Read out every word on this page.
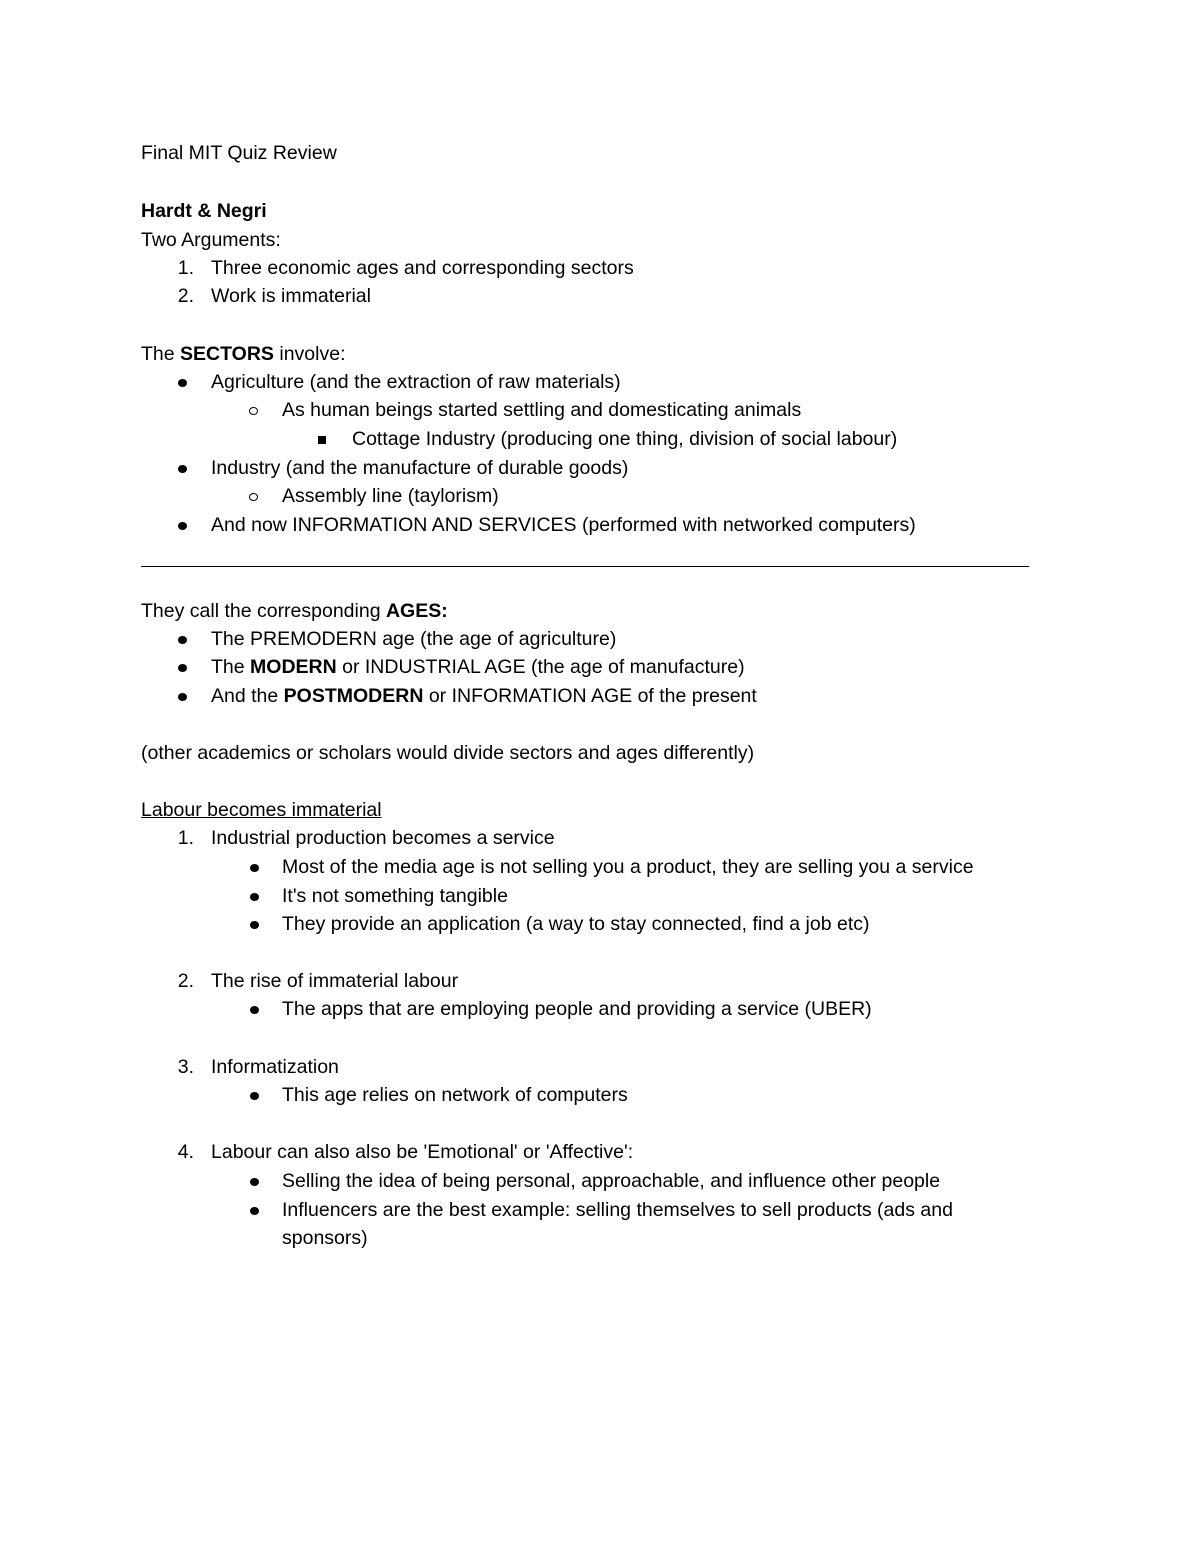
Final MIT Quiz Review
Hardt & Negri
Two Arguments:
1. Three economic ages and corresponding sectors
2. Work is immaterial
The SECTORS involve:
Agriculture (and the extraction of raw materials)
As human beings started settling and domesticating animals
Cottage Industry (producing one thing, division of social labour)
Industry (and the manufacture of durable goods)
Assembly line (taylorism)
And now INFORMATION AND SERVICES (performed with networked computers)
They call the corresponding AGES:
The PREMODERN age (the age of agriculture)
The MODERN or INDUSTRIAL AGE (the age of manufacture)
And the POSTMODERN or INFORMATION AGE of the present
(other academics or scholars would divide sectors and ages differently)
Labour becomes immaterial
1. Industrial production becomes a service
Most of the media age is not selling you a product, they are selling you a service
It's not something tangible
They provide an application (a way to stay connected, find a job etc)
2. The rise of immaterial labour
The apps that are employing people and providing a service (UBER)
3. Informatization
This age relies on network of computers
4. Labour can also also be 'Emotional' or 'Affective':
Selling the idea of being personal, approachable, and influence other people
Influencers are the best example: selling themselves to sell products (ads and
sponsors)
